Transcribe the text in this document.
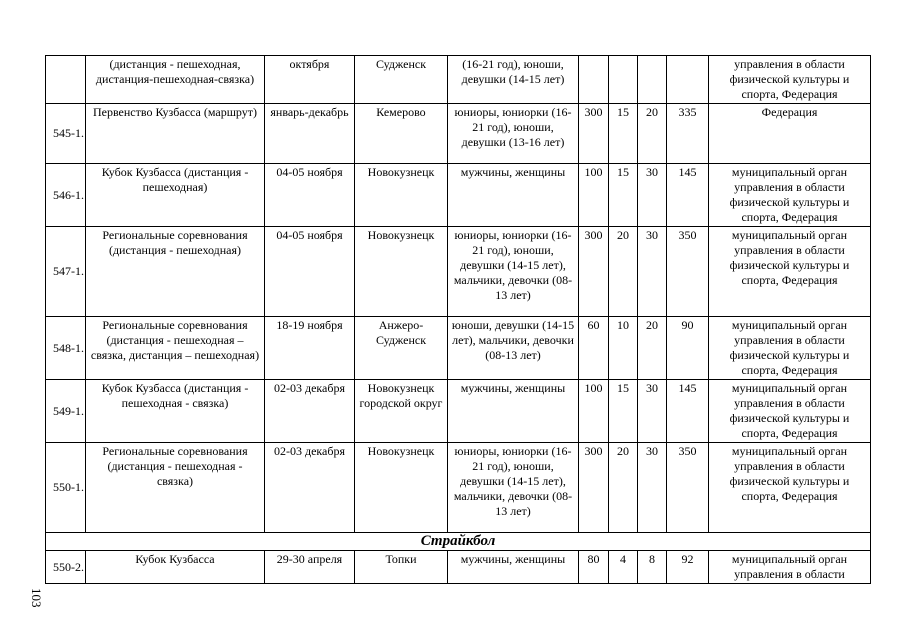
	(дистанция - пешеходная, дистанция-пешеходная-связка)	октября	Судженск	(16-21 год), юноши, девушки (14-15 лет)					управления в области физической культуры и спорта, Федерация
545-1.	Первенство Кузбасса (маршрут)	январь-декабрь	Кемерово	юниоры, юниорки (16-21 год), юноши, девушки (13-16 лет)	300	15	20	335	Федерация
546-1.	Кубок Кузбасса (дистанция - пешеходная)	04-05 ноября	Новокузнецк	мужчины, женщины	100	15	30	145	муниципальный орган управления в области физической культуры и спорта, Федерация
547-1.	Региональные соревнования (дистанция - пешеходная)	04-05 ноября	Новокузнецк	юниоры, юниорки (16-21 год), юноши, девушки (14-15 лет), мальчики, девочки (08-13 лет)	300	20	30	350	муниципальный орган управления в области физической культуры и спорта, Федерация
548-1.	Региональные соревнования (дистанция - пешеходная – связка, дистанция – пешеходная)	18-19 ноября	Анжеро-Судженск	юноши, девушки (14-15 лет), мальчики, девочки (08-13 лет)	60	10	20	90	муниципальный орган управления в области физической культуры и спорта, Федерация
549-1.	Кубок Кузбасса (дистанция - пешеходная - связка)	02-03 декабря	Новокузнецк городской округ	мужчины, женщины	100	15	30	145	муниципальный орган управления в области физической культуры и спорта, Федерация
550-1.	Региональные соревнования (дистанция - пешеходная - связка)	02-03 декабря	Новокузнецк	юниоры, юниорки (16-21 год), юноши, девушки (14-15 лет), мальчики, девочки (08-13 лет)	300	20	30	350	муниципальный орган управления в области физической культуры и спорта, Федерация
Страйкбол									
550-2.	Кубок Кузбасса	29-30 апреля	Топки	мужчины, женщины	80	4	8	92	муниципальный орган управления в области
103
